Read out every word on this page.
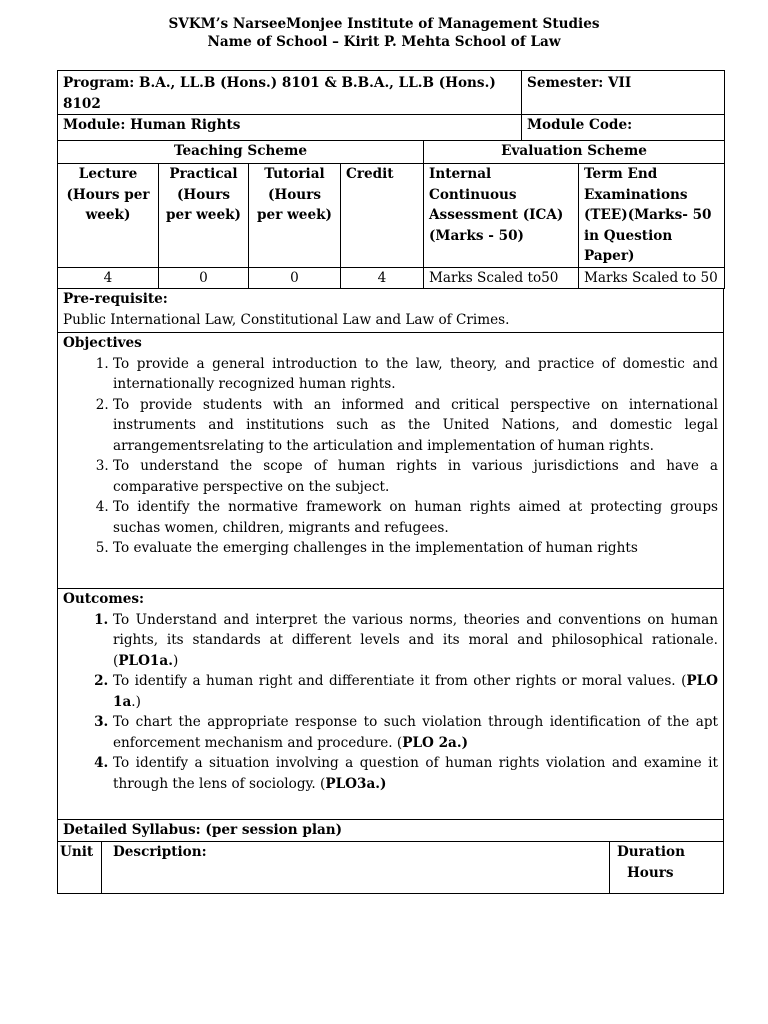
SVKM’s NarseeMonjee Institute of Management Studies
Name of School – Kirit P. Mehta School of Law
Program: B.A., LL.B (Hons.) 8101 & B.B.A., LL.B (Hons.) 8102	Semester: VII
Module: Human Rights	Module Code:
Teaching Scheme				Evaluation Scheme	
Lecture (Hours per week)	Practical (Hours per week)	Tutorial (Hours per week)	Credit	Internal Continuous Assessment (ICA) (Marks - 50)	Term End Examinations (TEE)(Marks- 50 in Question Paper)
4	0	0	4	Marks Scaled to50	Marks Scaled to 50
Pre-requisite:
Public International Law, Constitutional Law and Law of Crimes.

Objectives
1. To provide a general introduction to the law, theory, and practice of domestic and internationally recognized human rights.
2. To provide students with an informed and critical perspective on international instruments and institutions such as the United Nations, and domestic legal arrangementsrelating to the articulation and implementation of human rights.
3. To understand the scope of human rights in various jurisdictions and have a comparative perspective on the subject.
4. To identify the normative framework on human rights aimed at protecting groups suchas women, children, migrants and refugees.
5. To evaluate the emerging challenges in the implementation of human rights

Outcomes:
1. To Understand and interpret the various norms, theories and conventions on human rights, its standards at different levels and its moral and philosophical rationale. (PLO1a.)
2. To identify a human right and differentiate it from other rights or moral values. (PLO 1a.)
3. To chart the appropriate response to such violation through identification of the apt enforcement mechanism and procedure. (PLO 2a.)
4. To identify a situation involving a question of human rights violation and examine it through the lens of sociology. (PLO3a.)

Detailed Syllabus: (per session plan)
Unit	Description:	Duration
Hours
